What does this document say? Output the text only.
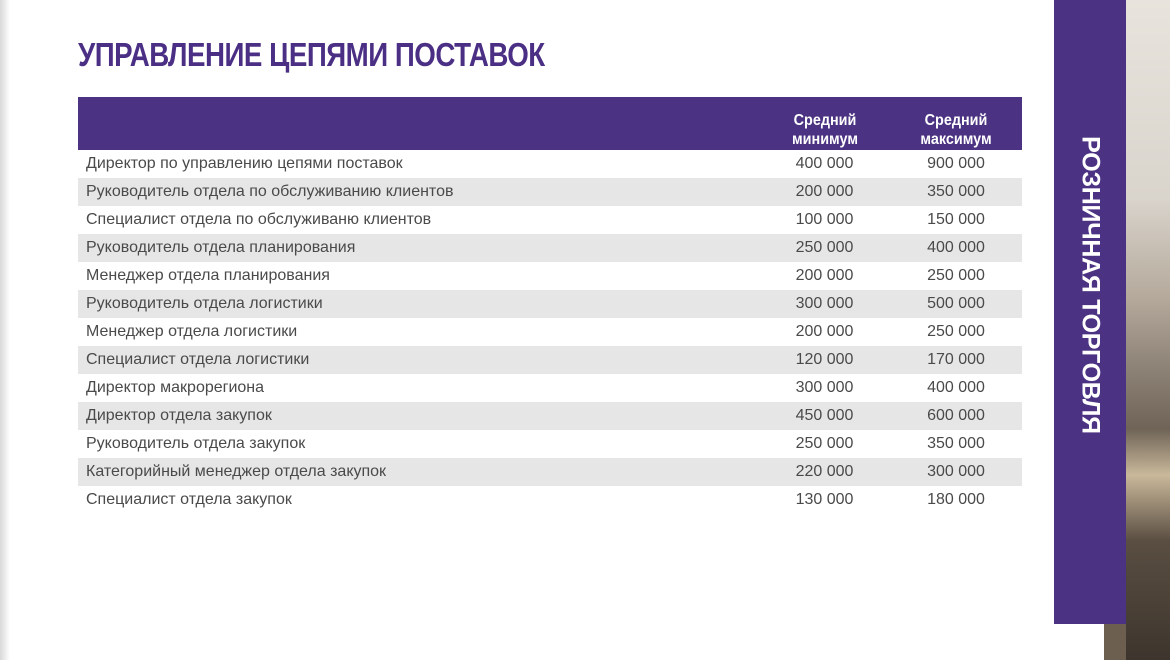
УПРАВЛЕНИЕ ЦЕПЯМИ ПОСТАВОК
	Средний минимум	Средний максимум
Директор по управлению цепями поставок	400 000	900 000
Руководитель отдела по обслуживанию клиентов	200 000	350 000
Специалист отдела по обслуживаню клиентов	100 000	150 000
Руководитель отдела планирования	250 000	400 000
Менеджер отдела планирования	200 000	250 000
Руководитель отдела логистики	300 000	500 000
Менеджер отдела логистики	200 000	250 000
Специалист отдела логистики	120 000	170 000
Директор макрорегиона	300 000	400 000
Директор отдела закупок	450 000	600 000
Руководитель отдела закупок	250 000	350 000
Категорийный менеджер отдела закупок	220 000	300 000
Специалист отдела закупок	130 000	180 000
РОЗНИЧНАЯ ТОРГОВЛЯ
